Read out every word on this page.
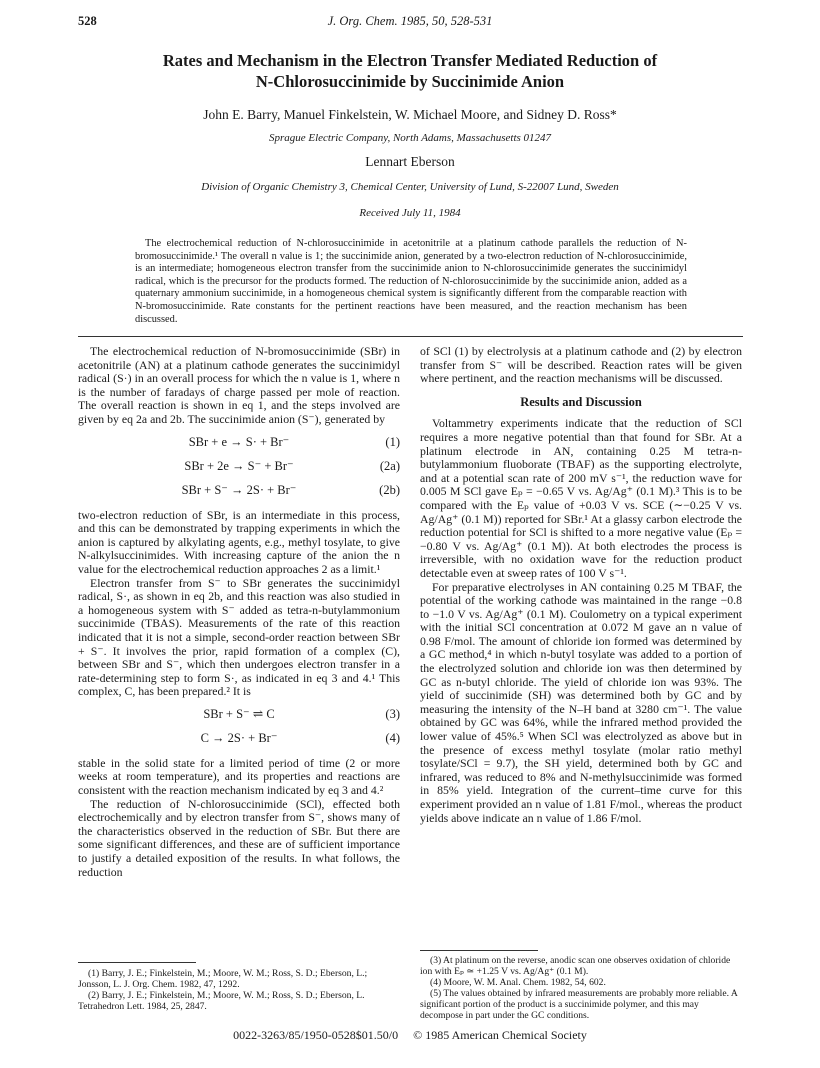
528	J. Org. Chem. 1985, 50, 528-531
Rates and Mechanism in the Electron Transfer Mediated Reduction of
N-Chlorosuccinimide by Succinimide Anion
John E. Barry, Manuel Finkelstein, W. Michael Moore, and Sidney D. Ross*
Sprague Electric Company, North Adams, Massachusetts 01247
Lennart Eberson
Division of Organic Chemistry 3, Chemical Center, University of Lund, S-22007 Lund, Sweden
Received July 11, 1984
The electrochemical reduction of N-chlorosuccinimide in acetonitrile at a platinum cathode parallels the reduction of N-bromosuccinimide.¹ The overall n value is 1; the succinimide anion, generated by a two-electron reduction of N-chlorosuccinimide, is an intermediate; homogeneous electron transfer from the succinimide anion to N-chlorosuccinimide generates the succinimidyl radical, which is the precursor for the products formed. The reduction of N-chlorosuccinimide by the succinimide anion, added as a quaternary ammonium succinimide, in a homogeneous chemical system is significantly different from the comparable reaction with N-bromosuccinimide. Rate constants for the pertinent reactions have been measured, and the reaction mechanism has been discussed.

The electrochemical reduction of N-bromosuccinimide (SBr) in acetonitrile (AN) at a platinum cathode generates the succinimidyl radical (S·) in an overall process for which the n value is 1, where n is the number of faradays of charge passed per mole of reaction. The overall reaction is shown in eq 1, and the steps involved are given by eq 2a and 2b. The succinimide anion (S⁻), generated by

SBr + e → S· + Br⁻	(1)
SBr + 2e → S⁻ + Br⁻	(2a)
SBr + S⁻ → 2S· + Br⁻	(2b)

two-electron reduction of SBr, is an intermediate in this process, and this can be demonstrated by trapping experiments in which the anion is captured by alkylating agents, e.g., methyl tosylate, to give N-alkylsuccinimides. With increasing capture of the anion the n value for the electrochemical reduction approaches 2 as a limit.¹

Electron transfer from S⁻ to SBr generates the succinimidyl radical, S·, as shown in eq 2b, and this reaction was also studied in a homogeneous system with S⁻ added as tetra-n-butylammonium succinimide (TBAS). Measurements of the rate of this reaction indicated that it is not a simple, second-order reaction between SBr + S⁻. It involves the prior, rapid formation of a complex (C), between SBr and S⁻, which then undergoes electron transfer in a rate-determining step to form S·, as indicated in eq 3 and 4.¹ This complex, C, has been prepared.² It is

SBr + S⁻ ⇌ C	(3)
C → 2S· + Br⁻	(4)

stable in the solid state for a limited period of time (2 or more weeks at room temperature), and its properties and reactions are consistent with the reaction mechanism indicated by eq 3 and 4.²

The reduction of N-chlorosuccinimide (SCl), effected both electrochemically and by electron transfer from S⁻, shows many of the characteristics observed in the reduction of SBr. But there are some significant differences, and these are of sufficient importance to justify a detailed exposition of the results. In what follows, the reduction

(1) Barry, J. E.; Finkelstein, M.; Moore, W. M.; Ross, S. D.; Eberson, L.; Jonsson, L. J. Org. Chem. 1982, 47, 1292.
(2) Barry, J. E.; Finkelstein, M.; Moore, W. M.; Ross, S. D.; Eberson, L. Tetrahedron Lett. 1984, 25, 2847.

of SCl (1) by electrolysis at a platinum cathode and (2) by electron transfer from S⁻ will be described. Reaction rates will be given where pertinent, and the reaction mechanisms will be discussed.

Results and Discussion

Voltammetry experiments indicate that the reduction of SCl requires a more negative potential than that found for SBr. At a platinum electrode in AN, containing 0.25 M tetra-n-butylammonium fluoborate (TBAF) as the supporting electrolyte, and at a potential scan rate of 200 mV s⁻¹, the reduction wave for 0.005 M SCl gave Eₚ = −0.65 V vs. Ag/Ag⁺ (0.1 M).³ This is to be compared with the Eₚ value of +0.03 V vs. SCE (∼−0.25 V vs. Ag/Ag⁺ (0.1 M)) reported for SBr.¹ At a glassy carbon electrode the reduction potential for SCl is shifted to a more negative value (Eₚ = −0.80 V vs. Ag/Ag⁺ (0.1 M)). At both electrodes the process is irreversible, with no oxidation wave for the reduction product detectable even at sweep rates of 100 V s⁻¹.

For preparative electrolyses in AN containing 0.25 M TBAF, the potential of the working cathode was maintained in the range −0.8 to −1.0 V vs. Ag/Ag⁺ (0.1 M). Coulometry on a typical experiment with the initial SCl concentration at 0.072 M gave an n value of 0.98 F/mol. The amount of chloride ion formed was determined by a GC method,⁴ in which n-butyl tosylate was added to a portion of the electrolyzed solution and chloride ion was then determined by GC as n-butyl chloride. The yield of chloride ion was 93%. The yield of succinimide (SH) was determined both by GC and by measuring the intensity of the N–H band at 3280 cm⁻¹. The value obtained by GC was 64%, while the infrared method provided the lower value of 45%.⁵ When SCl was electrolyzed as above but in the presence of excess methyl tosylate (molar ratio methyl tosylate/SCl = 9.7), the SH yield, determined both by GC and infrared, was reduced to 8% and N-methylsuccinimide was formed in 85% yield. Integration of the current–time curve for this experiment provided an n value of 1.81 F/mol., whereas the product yields above indicate an n value of 1.86 F/mol.

(3) At platinum on the reverse, anodic scan one observes oxidation of chloride ion with Eₚ ≃ +1.25 V vs. Ag/Ag⁺ (0.1 M).
(4) Moore, W. M. Anal. Chem. 1982, 54, 602.
(5) The values obtained by infrared measurements are probably more reliable. A significant portion of the product is a succinimide polymer, and this may decompose in part under the GC conditions.
0022-3263/85/1950-0528$01.50/0 © 1985 American Chemical Society
